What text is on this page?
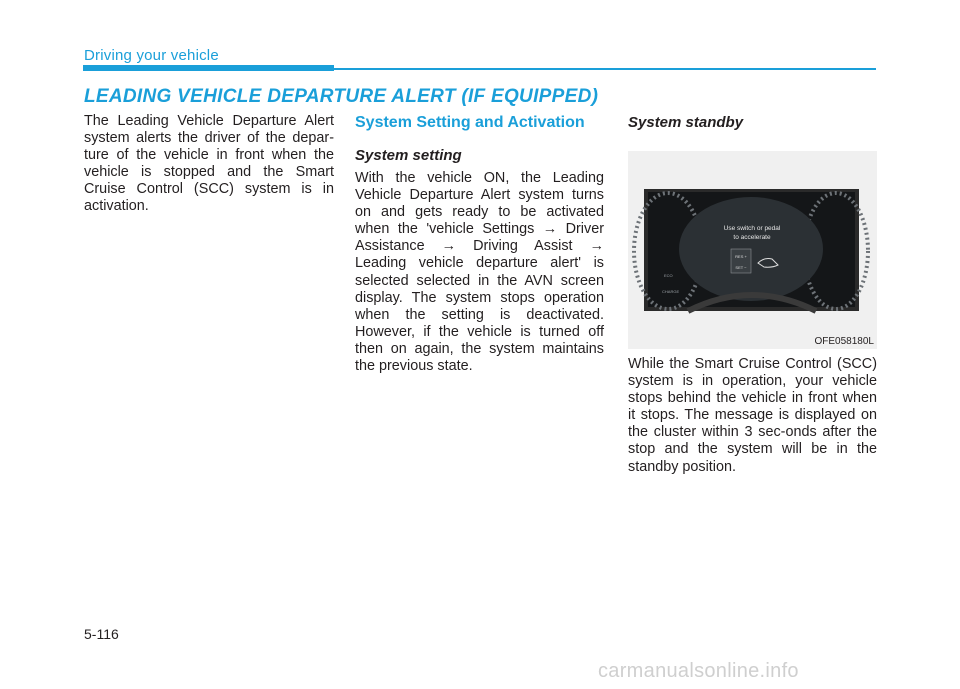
Driving your vehicle
LEADING VEHICLE DEPARTURE ALERT (IF EQUIPPED)

The Leading Vehicle Departure Alert system alerts the driver of the depar-ture of the vehicle in front when the vehicle is stopped and the Smart Cruise Control (SCC) system is in activation.

System Setting and Activation

System setting

With the vehicle ON, the Leading Vehicle Departure Alert system turns on and gets ready to be activated when the 'vehicle Settings → Driver Assistance → Driving Assist → Leading vehicle departure alert' is selected selected in the AVN screen display. The system stops operation when the setting is deactivated. However, if the vehicle is turned off then on again, the system maintains the previous state.

System standby

Use switch or pedal
to accelerate
RES +
SET −
ECO
CHARGE
OFE058180L

While the Smart Cruise Control (SCC) system is in operation, your vehicle stops behind the vehicle in front when it stops. The message is displayed on the cluster within 3 sec-onds after the stop and the system will be in the standby position.

5-116
carmanualsonline.info
